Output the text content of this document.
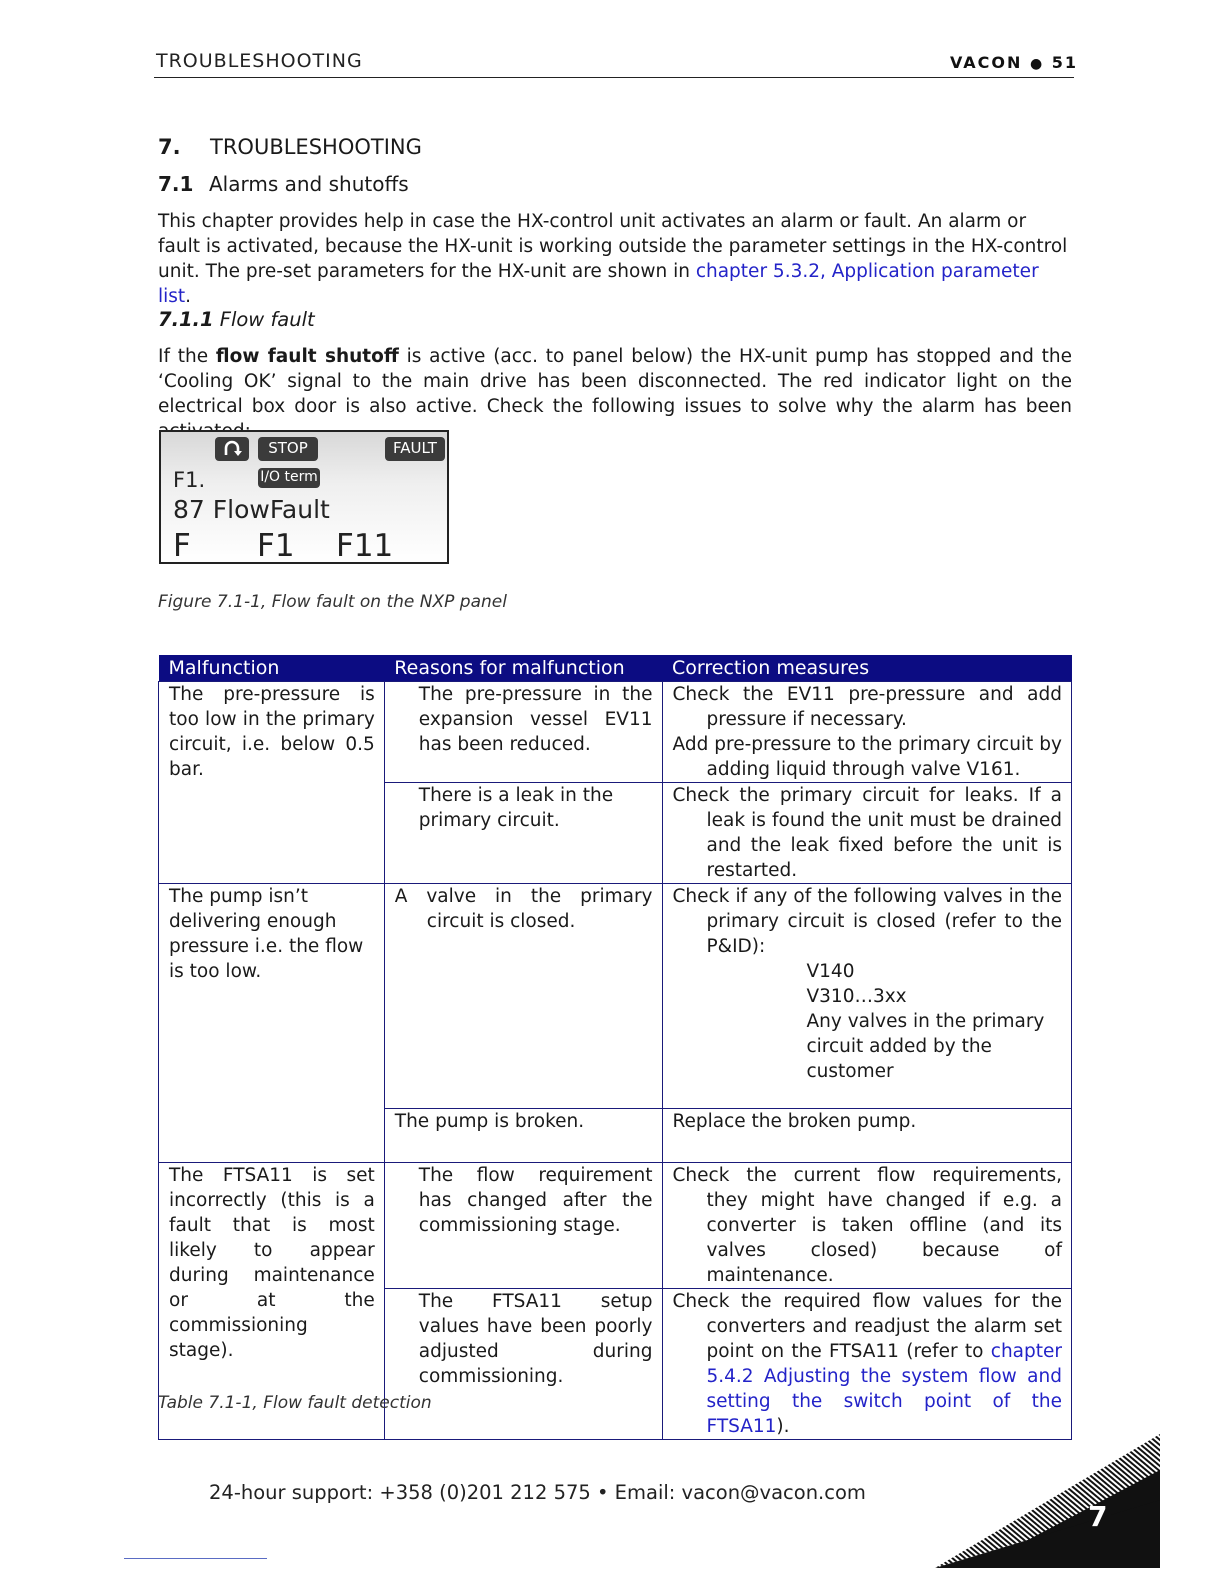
TROUBLESHOOTING	VACON ● 51
7. TROUBLESHOOTING
7.1 Alarms and shutoffs
This chapter provides help in case the HX-control unit activates an alarm or fault. An alarm or fault is activated, because the HX-unit is working outside the parameter settings in the HX-control unit. The pre-set parameters for the HX-unit are shown in chapter 5.3.2, Application parameter list.
7.1.1 Flow fault
If the flow fault shutoff is active (acc. to panel below) the HX-unit pump has stopped and the ‘Cooling OK’ signal to the main drive has been disconnected. The red indicator light on the electrical box door is also active. Check the following issues to solve why the alarm has been
STOP	FAULT
I/O term
F1.
87 FlowFault
F F1 F11
Figure 7.1-1, Flow fault on the NXP panel
Malfunction	Reasons for malfunction	Correction measures
The pre-pressure is too low in the primary circuit, i.e. below 0.5 bar.	The pre-pressure in the expansion vessel EV11 has been reduced.	Check the EV11 pre-pressure and add pressure if necessary.
Add pre-pressure to the primary circuit by adding liquid through valve V161.

	There is a leak in the primary circuit.	Check the primary circuit for leaks. If a leak is found the unit must be drained and the leak fixed before the unit is restarted.

The pump isn’t delivering enough pressure i.e. the flow is too low.	A valve in the primary circuit is closed.	Check if any of the following valves in the primary circuit is closed (refer to the P&ID):
V140
V310…3xx
Any valves in the primary circuit added by the customer

	The pump is broken.	Replace the broken pump.
The FTSA11 is set incorrectly (this is a fault that is most likely to appear during maintenance or at the commissioning stage).	The flow requirement has changed after the commissioning stage.	Check the current flow requirements, they might have changed if e.g. a converter is taken offline (and its valves closed) because of maintenance.

	The FTSA11 setup values have been poorly adjusted during commissioning.	Check the required flow values for the converters and readjust the alarm set point on the FTSA11 (refer to chapter 5.4.2 Adjusting the system flow and setting the switch point of the FTSA11).
Table 7.1-1, Flow fault detection
24-hour support: +358 (0)201 212 575 • Email: vacon@vacon.com
7
